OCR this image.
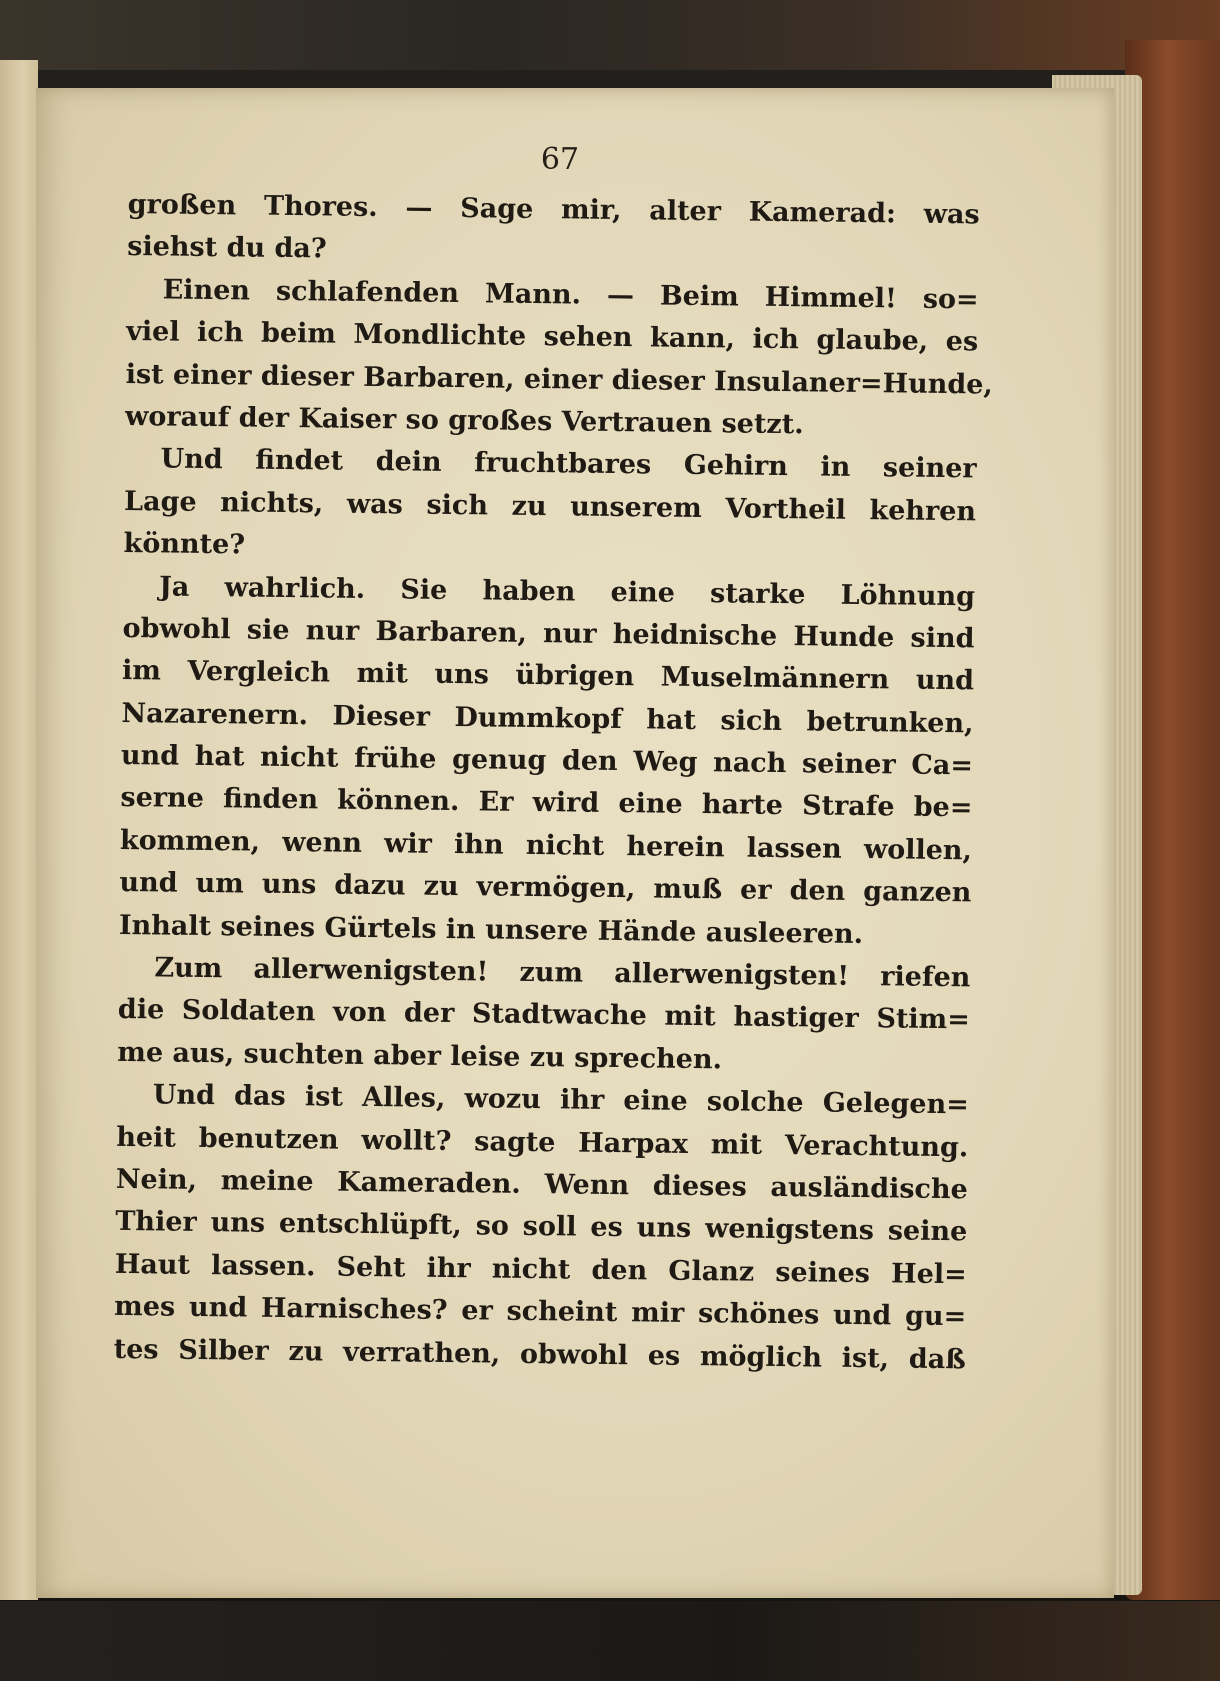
67
großen Thores. — Sage mir, alter Kamerad: was
siehst du da?
Einen schlafenden Mann. — Beim Himmel! so=
viel ich beim Mondlichte sehen kann, ich glaube, es
ist einer dieser Barbaren, einer dieser Insulaner=Hunde,
worauf der Kaiser so großes Vertrauen setzt.
Und findet dein fruchtbares Gehirn in seiner
Lage nichts, was sich zu unserem Vortheil kehren
könnte?
Ja wahrlich. Sie haben eine starke Löhnung
obwohl sie nur Barbaren, nur heidnische Hunde sind
im Vergleich mit uns übrigen Muselmännern und
Nazarenern. Dieser Dummkopf hat sich betrunken,
und hat nicht frühe genug den Weg nach seiner Ca=
serne finden können. Er wird eine harte Strafe be=
kommen, wenn wir ihn nicht herein lassen wollen,
und um uns dazu zu vermögen, muß er den ganzen
Inhalt seines Gürtels in unsere Hände ausleeren.
Zum allerwenigsten! zum allerwenigsten! riefen
die Soldaten von der Stadtwache mit hastiger Stim=
me aus, suchten aber leise zu sprechen.
Und das ist Alles, wozu ihr eine solche Gelegen=
heit benutzen wollt? sagte Harpax mit Verachtung.
Nein, meine Kameraden. Wenn dieses ausländische
Thier uns entschlüpft, so soll es uns wenigstens seine
Haut lassen. Seht ihr nicht den Glanz seines Hel=
mes und Harnisches? er scheint mir schönes und gu=
tes Silber zu verrathen, obwohl es möglich ist, daß
